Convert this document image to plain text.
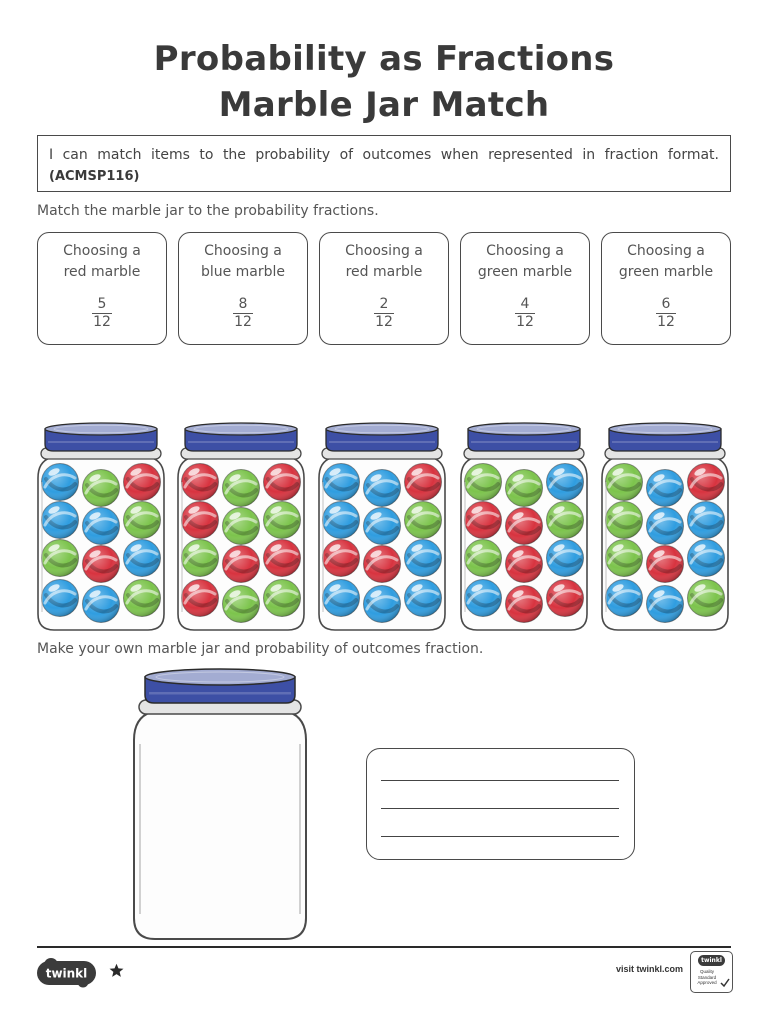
Probability as Fractions
Marble Jar Match
I can match items to the probability of outcomes when represented in fraction format.
(ACMSP116)
Match the marble jar to the probability fractions.
Choosing a
red marble
5
12
Choosing a
blue marble
8
12
Choosing a
red marble
2
12
Choosing a
green marble
4
12
Choosing a
green marble
6
12
Make your own marble jar and probability of outcomes fraction.
twinkl	visit twinkl.com
twinkl
Quality Standard Approved
